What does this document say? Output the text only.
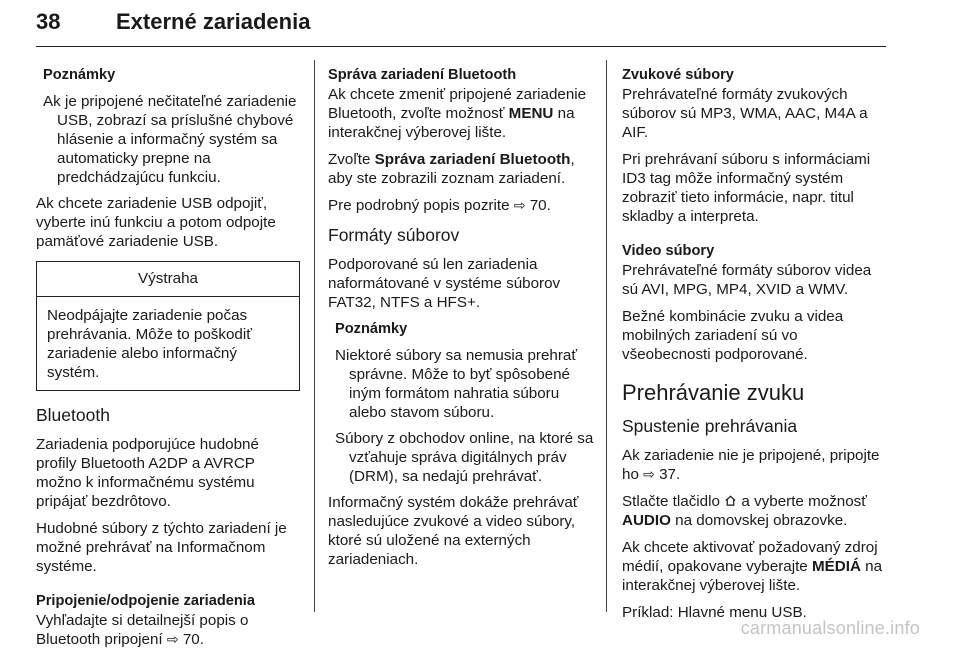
38	Externé zariadenia

Poznámky

Ak je pripojené nečitateľné zariadenie USB, zobrazí sa príslušné chybové hlásenie a informačný systém sa automaticky prepne na predchádzajúcu funkciu.

Ak chcete zariadenie USB odpojiť, vyberte inú funkciu a potom odpojte pamäťové zariadenie USB.

Výstraha
Neodpájajte zariadenie počas prehrávania. Môže to poškodiť zariadenie alebo informačný systém.
Bluetooth

Zariadenia podporujúce hudobné profily Bluetooth A2DP a AVRCP možno k informačnému systému pripájať bezdrôtovo.

Hudobné súbory z týchto zariadení je možné prehrávať na Informačnom systéme.

Pripojenie/odpojenie zariadenia

Vyhľadajte si detailnejší popis o Bluetooth pripojení ⇨ 70.

Správa zariadení Bluetooth

Ak chcete zmeniť pripojené zariadenie Bluetooth, zvoľte možnosť MENU na interakčnej výberovej lište.

Zvoľte Správa zariadení Bluetooth, aby ste zobrazili zoznam zariadení.

Pre podrobný popis pozrite ⇨ 70.

Formáty súborov

Podporované sú len zariadenia naformátované v systéme súborov FAT32, NTFS a HFS+.

Poznámky

Niektoré súbory sa nemusia prehrať správne. Môže to byť spôsobené iným formátom nahratia súboru alebo stavom súboru.

Súbory z obchodov online, na ktoré sa vzťahuje správa digitálnych práv (DRM), sa nedajú prehrávať.

Informačný systém dokáže prehrávať nasledujúce zvukové a video súbory, ktoré sú uložené na externých zariadeniach.

Zvukové súbory

Prehrávateľné formáty zvukových súborov sú MP3, WMA, AAC, M4A a AIF.

Pri prehrávaní súboru s informáciami ID3 tag môže informačný systém zobraziť tieto informácie, napr. titul skladby a interpreta.

Video súbory

Prehrávateľné formáty súborov videa sú AVI, MPG, MP4, XVID a WMV.

Bežné kombinácie zvuku a videa mobilných zariadení sú vo všeobecnosti podporované.

Prehrávanie zvuku
Spustenie prehrávania

Ak zariadenie nie je pripojené, pripojte ho ⇨ 37.

Stlačte tlačidlo a vyberte možnosť AUDIO na domovskej obrazovke.

Ak chcete aktivovať požadovaný zdroj médií, opakovane vyberajte MÉDIÁ na interakčnej výberovej lište.

Príklad: Hlavné menu USB.

carmanualsonline.info
